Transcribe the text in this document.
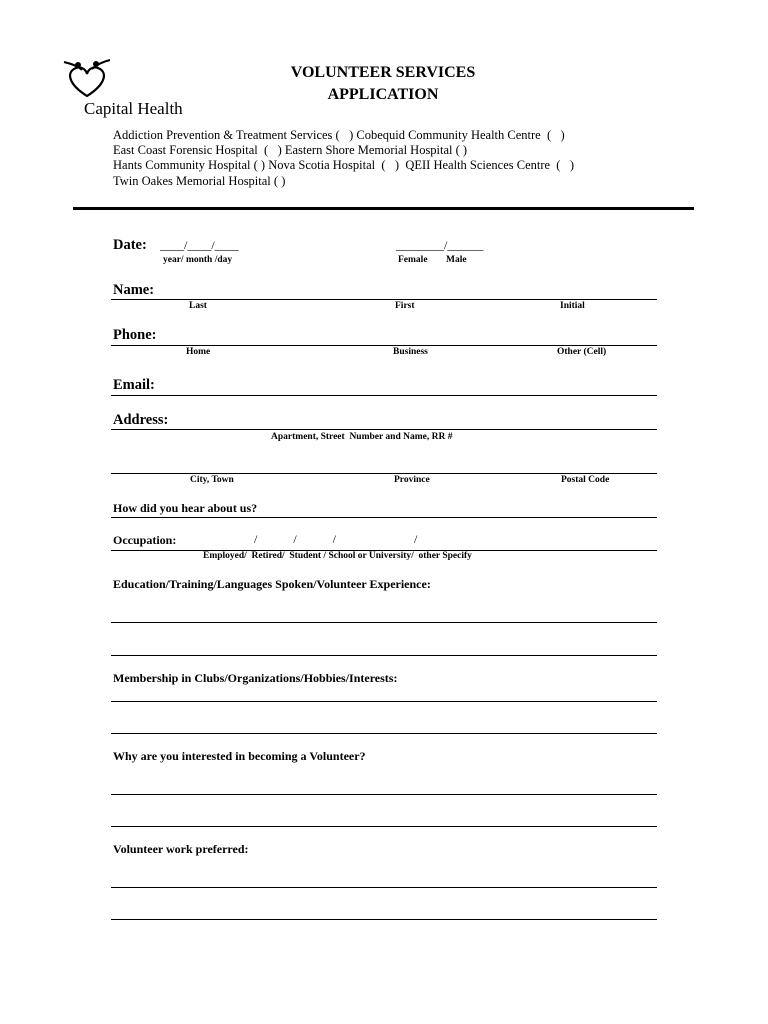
Capital Health
VOLUNTEER SERVICES
APPLICATION
Addiction Prevention & Treatment Services (   ) Cobequid Community Health Centre  (   )
East Coast Forensic Hospital  (   ) Eastern Shore Memorial Hospital ( )
Hants Community Hospital ( ) Nova Scotia Hospital  (   )  QEII Health Sciences Centre  (   )
Twin Oakes Memorial Hospital ( )
Date: ____/____/____
year/ month /day
________/______
Female Male
Name:
Last	First	Initial
Phone:
Home	Business	Other (Cell)
Email:
Address:
Apartment, Street  Number and Name, RR #
City, Town	Province	Postal Code
How did you hear about us?
Occupation:	/            /            /                          /
Employed/  Retired/  Student / School or University/  other Specify
Education/Training/Languages Spoken/Volunteer Experience:
Membership in Clubs/Organizations/Hobbies/Interests:
Why are you interested in becoming a Volunteer?
Volunteer work preferred:
